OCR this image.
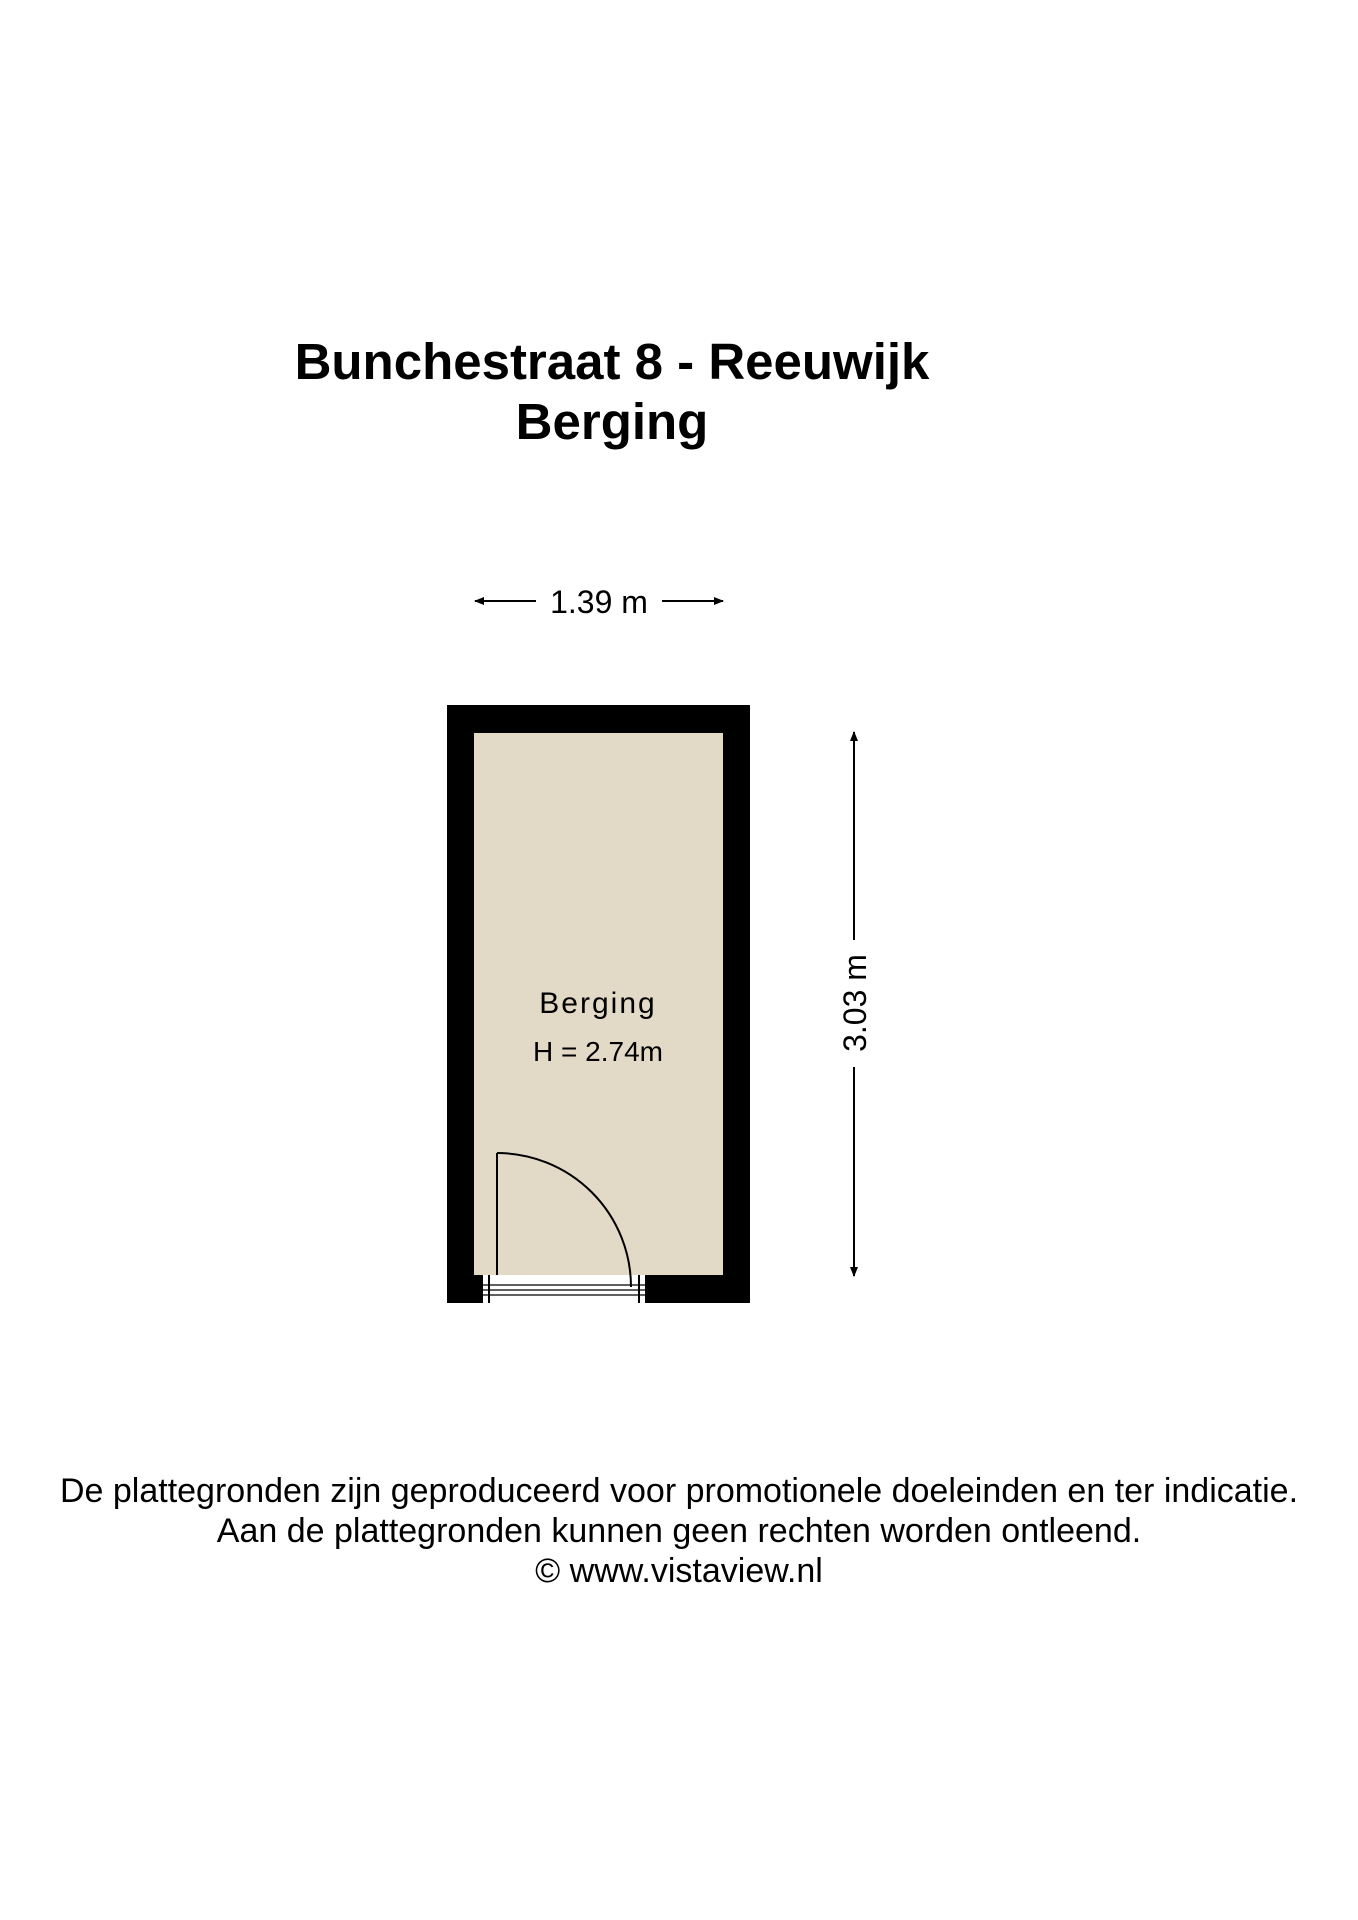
Bunchestraat 8 - Reeuwijk
Berging
1.39 m
Berging
H = 2.74m	3.03 m

De plattegronden zijn geproduceerd voor promotionele doeleinden en ter indicatie.

Aan de plattegronden kunnen geen rechten worden ontleend.

© www.vistaview.nl
